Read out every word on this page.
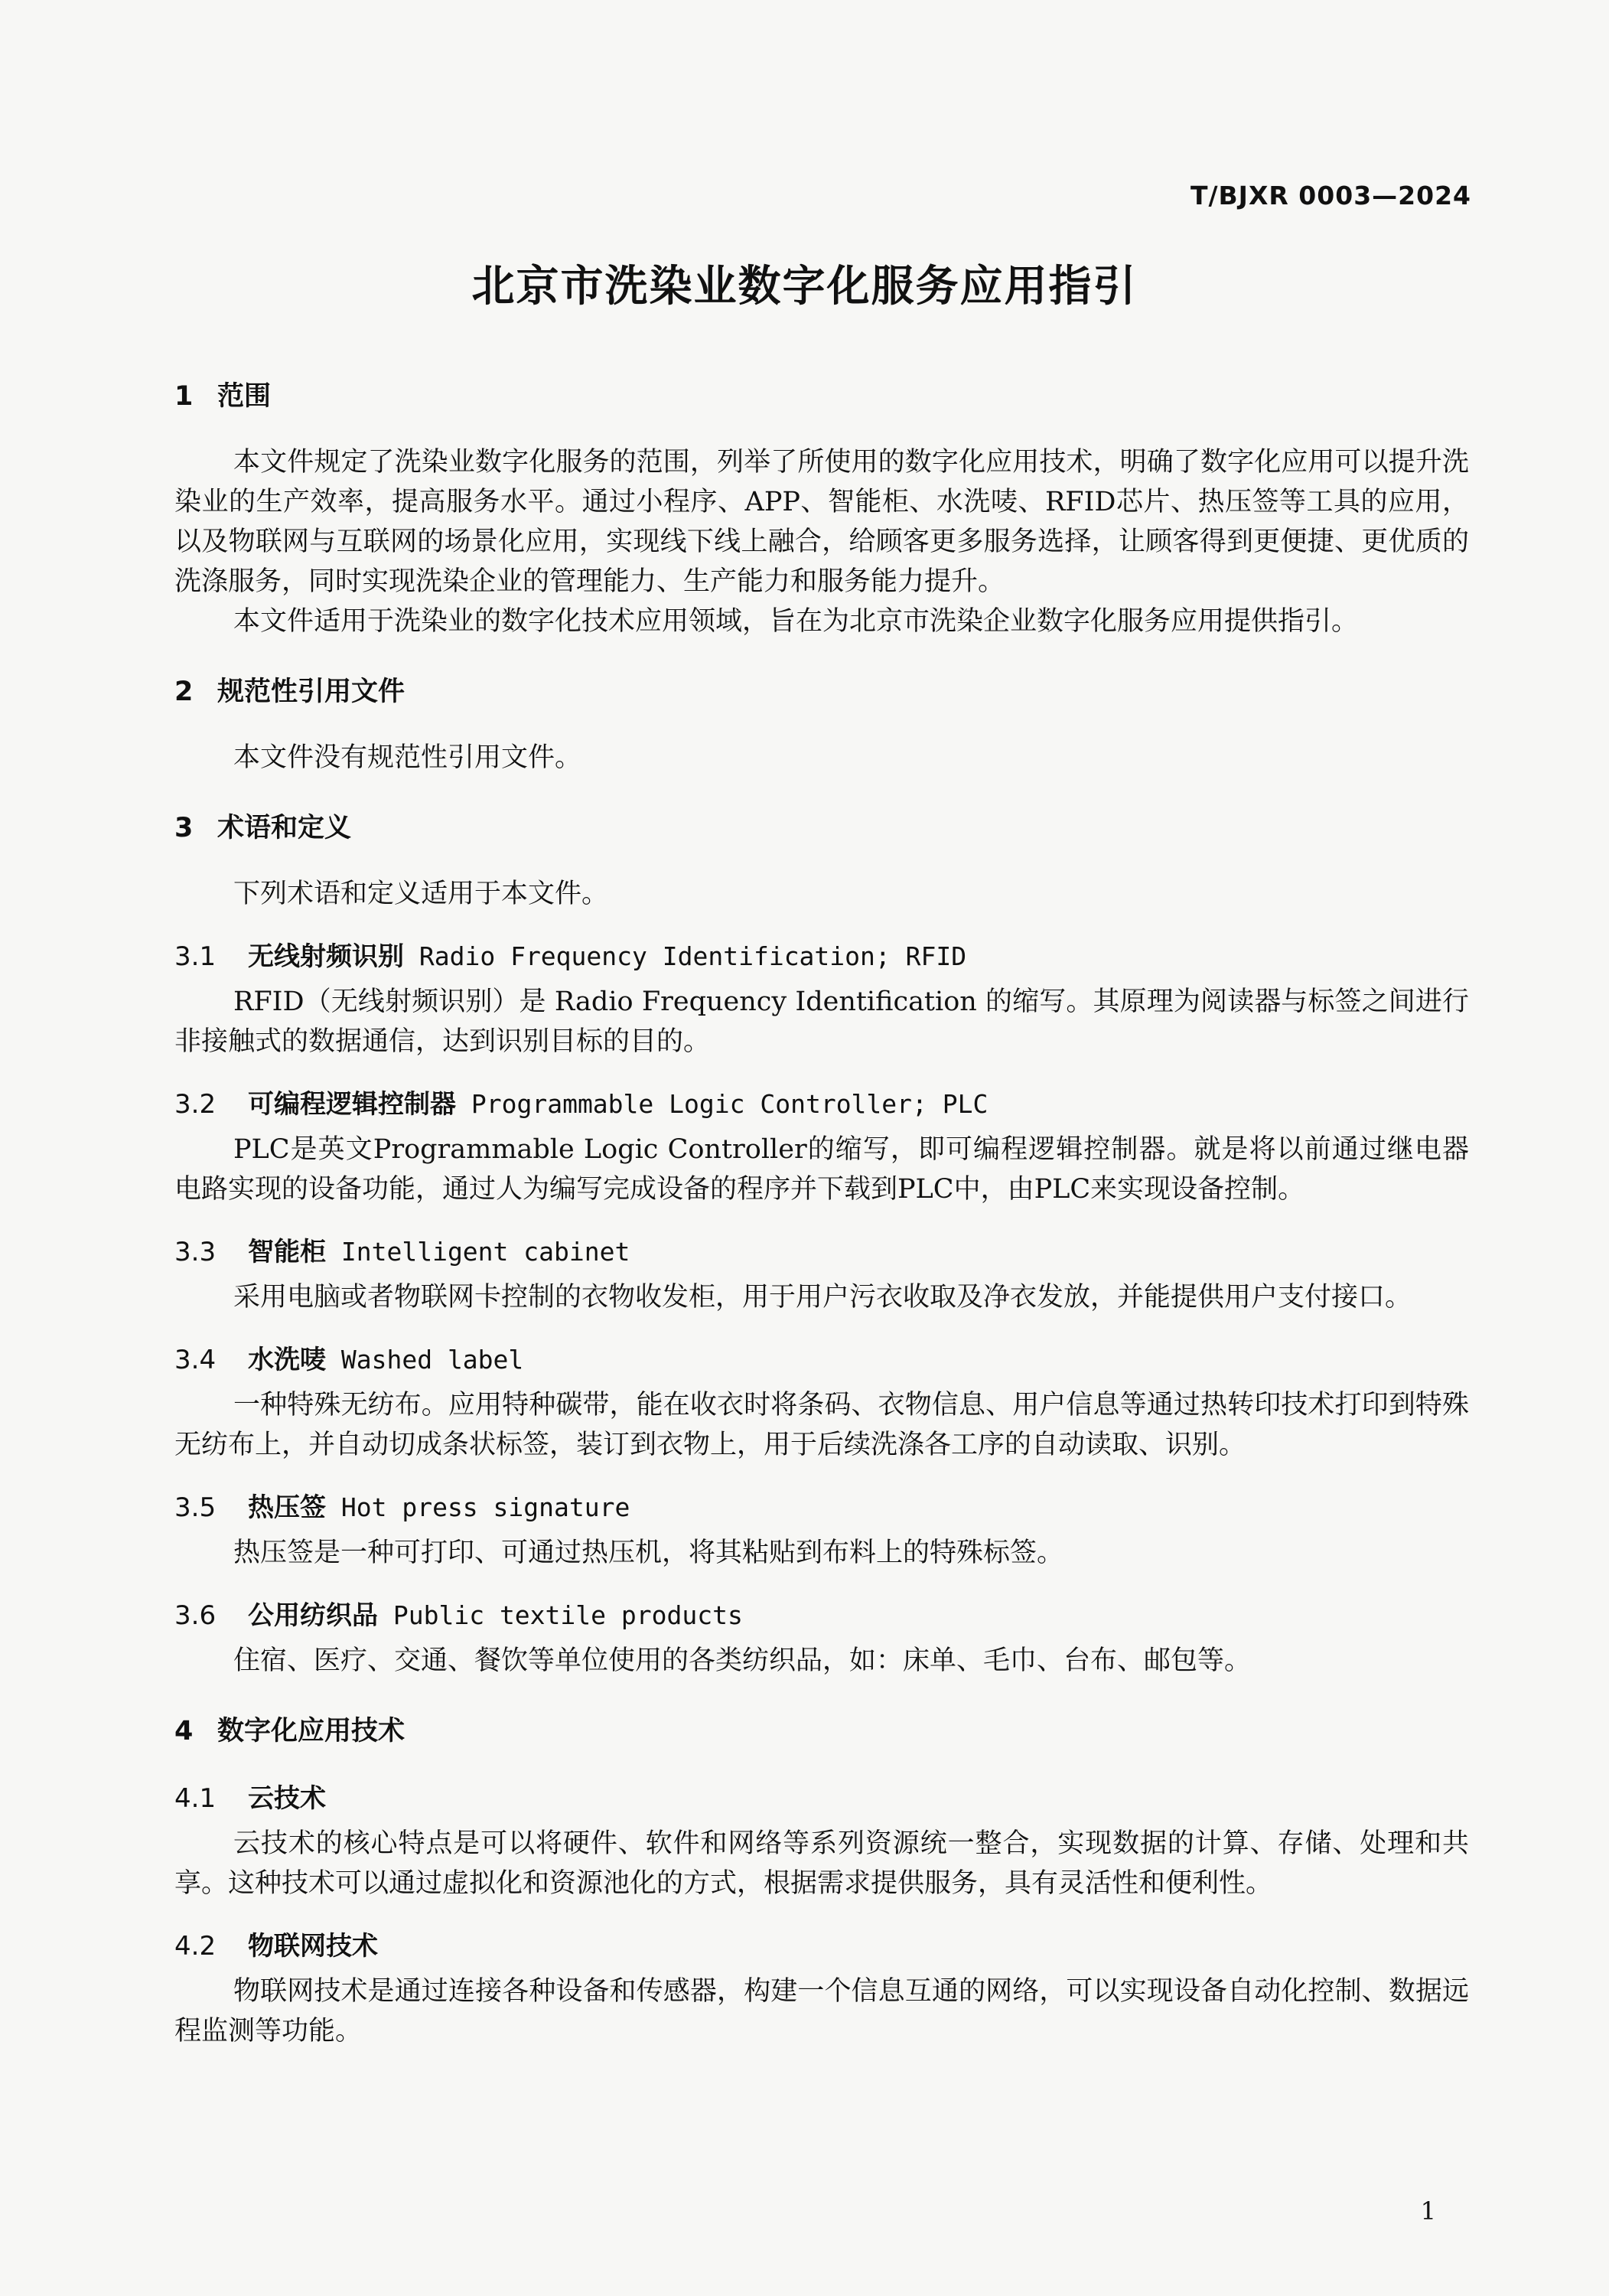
T/BJXR 0003—2024
北京市洗染业数字化服务应用指引
1 范围

本文件规定了洗染业数字化服务的范围，列举了所使用的数字化应用技术，明确了数字化应用可以提升洗染业的生产效率，提高服务水平。通过小程序、APP、智能柜、水洗唛、RFID芯片、热压签等工具的应用，以及物联网与互联网的场景化应用，实现线下线上融合，给顾客更多服务选择，让顾客得到更便捷、更优质的洗涤服务，同时实现洗染企业的管理能力、生产能力和服务能力提升。

本文件适用于洗染业的数字化技术应用领域，旨在为北京市洗染企业数字化服务应用提供指引。

2 规范性引用文件

本文件没有规范性引用文件。

3 术语和定义

下列术语和定义适用于本文件。

3.1 无线射频识别 Radio Frequency Identification; RFID

RFID（无线射频识别）是 Radio Frequency Identification 的缩写。其原理为阅读器与标签之间进行非接触式的数据通信，达到识别目标的目的。

3.2 可编程逻辑控制器 Programmable Logic Controller; PLC

PLC是英文Programmable Logic Controller的缩写，即可编程逻辑控制器。就是将以前通过继电器电路实现的设备功能，通过人为编写完成设备的程序并下载到PLC中，由PLC来实现设备控制。

3.3 智能柜 Intelligent cabinet

采用电脑或者物联网卡控制的衣物收发柜，用于用户污衣收取及净衣发放，并能提供用户支付接口。

3.4 水洗唛 Washed label

一种特殊无纺布。应用特种碳带，能在收衣时将条码、衣物信息、用户信息等通过热转印技术打印到特殊无纺布上，并自动切成条状标签，装订到衣物上，用于后续洗涤各工序的自动读取、识别。

3.5 热压签 Hot press signature

热压签是一种可打印、可通过热压机，将其粘贴到布料上的特殊标签。

3.6 公用纺织品 Public textile products

住宿、医疗、交通、餐饮等单位使用的各类纺织品，如：床单、毛巾、台布、邮包等。

4 数字化应用技术
4.1 云技术

云技术的核心特点是可以将硬件、软件和网络等系列资源统一整合，实现数据的计算、存储、处理和共享。这种技术可以通过虚拟化和资源池化的方式，根据需求提供服务，具有灵活性和便利性。

4.2 物联网技术

物联网技术是通过连接各种设备和传感器，构建一个信息互通的网络，可以实现设备自动化控制、数据远程监测等功能。

1
